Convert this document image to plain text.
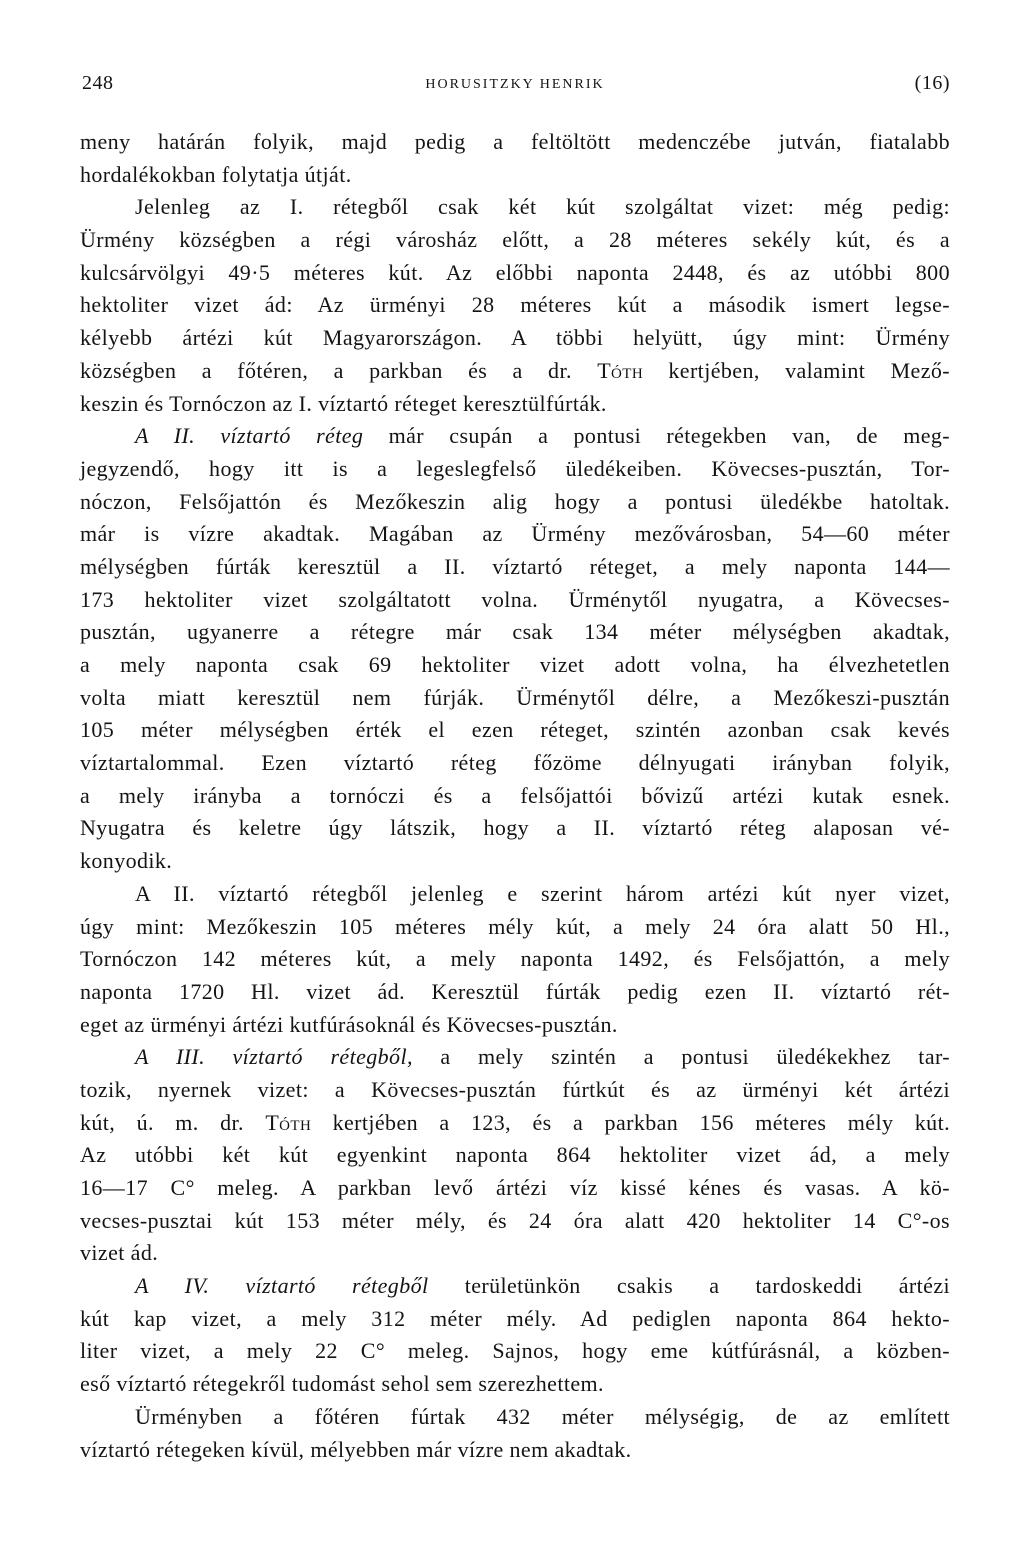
248	HORUSITZKY HENRIK	(16)
meny határán folyik, majd pedig a feltöltött medenczébe jutván, fiatalabb
hordalékokban folytatja útját.
Jelenleg az I. rétegből csak két kút szolgáltat vizet: még pedig:
Ürmény községben a régi városház előtt, a 28 méteres sekély kút, és a
kulcsárvölgyi 49·5 méteres kút. Az előbbi naponta 2448, és az utóbbi 800
hektoliter vizet ád: Az ürményi 28 méteres kút a második ismert legse-
kélyebb ártézi kút Magyarországon. A többi helyütt, úgy mint: Ürmény
községben a főtéren, a parkban és a dr. Tóth kertjében, valamint Mező-
keszin és Tornóczon az I. víztartó réteget keresztülfúrták.
A II. víztartó réteg már csupán a pontusi rétegekben van, de meg-
jegyzendő, hogy itt is a legeslegfelső üledékeiben. Kövecses-pusztán, Tor-
nóczon, Felsőjattón és Mezőkeszin alig hogy a pontusi üledékbe hatoltak.
már is vízre akadtak. Magában az Ürmény mezővárosban, 54—60 méter
mélységben fúrták keresztül a II. víztartó réteget, a mely naponta 144—
173 hektoliter vizet szolgáltatott volna. Ürménytől nyugatra, a Kövecses-
pusztán, ugyanerre a rétegre már csak 134 méter mélységben akadtak,
a mely naponta csak 69 hektoliter vizet adott volna, ha élvezhetetlen
volta miatt keresztül nem fúrják. Ürménytől délre, a Mezőkeszi-pusztán
105 méter mélységben érték el ezen réteget, szintén azonban csak kevés
víztartalommal. Ezen víztartó réteg főzöme délnyugati irányban folyik,
a mely irányba a tornóczi és a felsőjattói bővizű artézi kutak esnek.
Nyugatra és keletre úgy látszik, hogy a II. víztartó réteg alaposan vé-
konyodik.
A II. víztartó rétegből jelenleg e szerint három artézi kút nyer vizet,
úgy mint: Mezőkeszin 105 méteres mély kút, a mely 24 óra alatt 50 Hl.,
Tornóczon 142 méteres kút, a mely naponta 1492, és Felsőjattón, a mely
naponta 1720 Hl. vizet ád. Keresztül fúrták pedig ezen II. víztartó rét-
eget az ürményi ártézi kutfúrásoknál és Kövecses-pusztán.
A III. víztartó rétegből, a mely szintén a pontusi üledékekhez tar-
tozik, nyernek vizet: a Kövecses-pusztán fúrtkút és az ürményi két ártézi
kút, ú. m. dr. Tóth kertjében a 123, és a parkban 156 méteres mély kút.
Az utóbbi két kút egyenkint naponta 864 hektoliter vizet ád, a mely
16—17 C° meleg. A parkban levő ártézi víz kissé kénes és vasas. A kö-
vecses-pusztai kút 153 méter mély, és 24 óra alatt 420 hektoliter 14 C°-os
vizet ád.
A IV. víztartó rétegből területünkön csakis a tardoskeddi ártézi
kút kap vizet, a mely 312 méter mély. Ad pediglen naponta 864 hekto-
liter vizet, a mely 22 C° meleg. Sajnos, hogy eme kútfúrásnál, a közben-
eső víztartó rétegekről tudomást sehol sem szerezhettem.
Ürményben a főtéren fúrtak 432 méter mélységig, de az említett
víztartó rétegeken kívül, mélyebben már vízre nem akadtak.
